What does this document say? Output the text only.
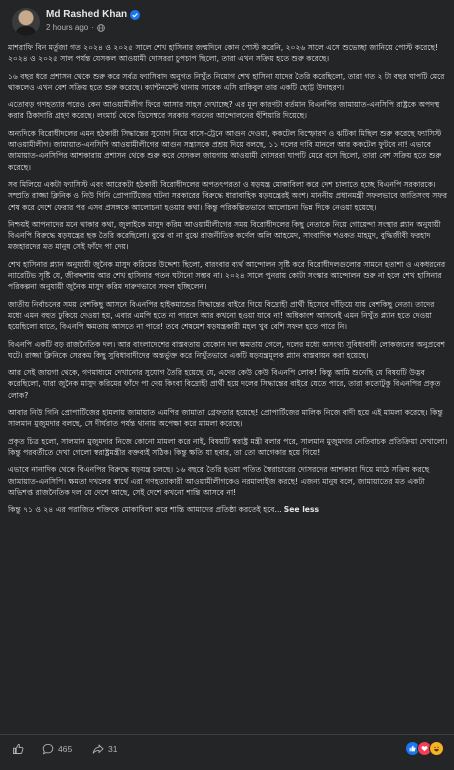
Md Rashed Khan
2 hours ago ·

মাশরাফি বিন মর্তুজা গত ২০২৪ ও ২০২৫ সালে শেখ হাসিনার জন্মদিনে কোন পোস্ট করেনি, ২০২৬ সালে এসে শুভেচ্ছা জানিয়ে পোস্ট করেছে! ২০২৪ ও ২০২৫ সাল পর্যন্ত যেসকল আওয়ামী দোসররা চুপচাপ ছিলো, তারা এখন সক্রিয় হতে শুরু করেছে।

১৬ বছর ধরে প্রশাসন থেকে শুরু করে সর্বত্র ফ্যাসিবাদ অনুগত নিখুঁত নিয়োগ শেখ হাসিনা যাদের তৈরি করেছিলো, তারা গত ২ টা বছর ঘাপটি মেরে থাকলেও এখন বেশ সক্রিয় হতে শুরু করেছে। ক্যান্টনমেন্ট থানায় সাবেক এসি রাকিবুল তার একটি ছোট্ট উদাহরণ।

এতোবড় গণহত্যার পরেও কেন আওয়ামীলীগ ফিরে আসার সাহস দেখাচ্ছে? এর মূল কারণটা বর্তমান বিএনপির জামায়াত-এনসিপি রাষ্ট্রকে অপদস্থ করার ঠিকাদারি গ্রহণ করেছে। লংমার্চ থেকে ডিসেম্বরে সরকার পতনের আন্দোলনের হুঁশিয়ারি দিয়েছে।

অন্যদিকে বিরোধীদলের এমন হঠকারী সিদ্ধান্তের সুযোগ নিয়ে বাসে-ট্রেনে আগুন দেওয়া, ককটেল বিস্ফোরণ ও ঝটিকা মিছিল শুরু করেছে ফ্যাসিস্ট আওয়ামীলীগ। জামায়াত-এনসিপি আওয়ামীলীগের আগুন সন্ত্রাসকে প্রশ্রয় দিয়ে বলছে, ১১ দলের দাবি মানলে আর ককটেল ফুটবে না! এভাবে জামায়াত-এনসিপির আশকারায় প্রশাসন থেকে শুরু করে যেসকল জায়গায় আওয়ামী দোসররা ঘাপটি মেরে বসে ছিলো, তারা বেশ সক্রিয় হতে শুরু করেছে।

সব মিলিয়ে একটা ফ্যাসিস্ট এবং আরেকটা হঠকারী বিরোধীদলের অপতৎপরতা ও ষড়যন্ত্র মোকাবিলা করে দেশ চালাতে হচ্ছে বিএনপি সরকারকে। সম্প্রতি রাজ্জা ক্লিনিক ও নিউ গিনি প্রোপার্টিজের ঘটনা সরকারের বিরুদ্ধে ধারাবাহিক ষড়যন্ত্রেরই অংশ। মাননীয় প্রধানমন্ত্রী সফলভাবে জাতিসংঘ সফর শেষ করে দেশে ফেরার পর এসব প্রসঙ্গকে আলোচনা হওয়ার কথা। কিন্তু পরিকল্পিতভাবে আলোচনা ভিন্ন দিকে নেওয়া হয়েছে।

নিশ্চয়ই আপনাদের মনে থাকার কথা, জুলাইকে মাসুদ করিম আওয়ামীলীগের সময় বিরোধীদলের কিছু নেতাকে নিয়ে গোয়েন্দা সংস্থার প্ল্যান অনুযায়ী বিএনপি বিরুদ্ধে ষড়যন্ত্রের ছক তৈরি করেছিলো। বুঝে বা না বুঝে রাজনীতিক কর্ণেল অলি আহমেদ, সাংবাদিক শওকত মাহমুদ, বুদ্ধিজীবী ফরহাদ মজহারদের মত মানুষ সেই ফাঁদে পা দেয়।

শেখ হাসিনার প্ল্যান অনুযায়ী জুনৈক মাসুদ করিমের উদ্দেশ্য ছিলো, বারংবার ব্যর্থ আন্দোলন সৃষ্টি করে বিরোধীদলগুলোর সামনে হতাশা ও একধরনের ন্যারেটিভ সৃষ্টি যে, জীবদ্দশায় আর শেখ হাসিনার পতন ঘটানো সম্ভব না। ২০২৪ সালে পুনরায় কোটা সংস্কার আন্দোলন শুরু না হলে শেখ হাসিনার পরিকল্পনা অনুযায়ী জুনৈক মাসুদ করিম দারুণভাবে সফল হচ্ছিলেন।

জাতীয় নির্বাচনের সময় বেশকিছু আসনে বিএনপির হাইকমান্ডের সিদ্ধান্তের বাইরে গিয়ে বিদ্রোহী প্রার্থী হিসেবে দাঁড়িয়ে যায় বেশকিছু নেতা। তাদের মধ্যে এমন বহুত ঢুকিয়ে দেওয়া হয়, এবার এমপি হতে না পারলে আর কখনো হওয়া যাবে না! অধিকাংশ আসনেই এমন নিখুঁত প্ল্যান হতে দেওয়া হয়েছিলো যাতে, বিএনপি ক্ষমতায় আসতে না পারে! তবে শেষমেশ ষড়যন্ত্রকারী মহল খুব বেশি সফল হতে পারে নি।

বিএনপি একটি বড় রাজনৈতিক দল। আর বাংলাদেশের বাস্তবতায় যেকোন দল ক্ষমতায় গেলে, দলের মধ্যে অসংখ্য সুবিধাবাদী লোকজনের অনুপ্রবেশ ঘটে। রাজ্জা ক্লিনিকে সেরকম কিছু সুবিধাবাদীদের অন্তর্ভুক্ত করে নিখুঁতভাবে একটি ষড়যন্ত্রমূলক প্ল্যান বাস্তবায়ন করা হয়েছে।

আর সেই জায়গা থেকে, গণমাধ্যমে দেখানোর সুযোগ তৈরি হয়েছে যে, এদের কেউ কেউ বিএনপি লোক! কিন্তু আমি শুনেছি যে বিষয়টি উদ্ভব করেছিলো, যারা জুনৈক মাসুদ করিমের ফাঁদে পা দেয় কিংবা বিদ্রোহী প্রার্থী হয়ে দলের সিদ্ধান্তের বাইরে যেতে পারে, তারা কতোটুকু বিএনপির প্রকৃত লোক?

আবার নিউ গিনি প্রোপার্টিজের হামলায় জামায়াত এমপির জামাতা গ্রেফতার হয়েছে! প্রোপার্টিজের মালিক নিজে বাদী হয়ে এই মামলা করেছে। কিন্তু সালমান মুজুমদার বলছে, সে দীর্ঘরাত পর্যন্ত থানায় অপেক্ষা করে মামলা করেছে।

প্রকৃত চিত্র হলো, সালমান মুজুমদার নিজে কোনো মামলা করে নাই, বিষয়টি স্বরাষ্ট্র মন্ত্রী বলার পরে, সালমান মুজুমদার নেতিবাচক প্রতিক্রিয়া দেখালো। কিন্তু পরবর্তীতে দেখা গেলো স্বরাষ্ট্রমন্ত্রীর বক্তব্যই সঠিক। কিন্তু ক্ষতি যা হবার, তা তো আগেকার হয়ে গিয়ে!

এভাবে নানাদিক থেকে বিএনপির বিরুদ্ধে ষড়যন্ত্র চলছে। ১৬ বছরে তৈরি হওয়া পতিত স্বৈরাচারের দোসরদের আশকারা দিয়ে মাঠে সক্রিয় করছে জামায়াত-এনসিপি। ক্ষমতা দখলের স্বার্থে এরা গণহত্যাকারী আওয়ামীলীগকেও নরমালাইজ করছে! এজন্য মানুষ বলে, জামায়াতের মত একটা অভিশপ্ত রাজনৈতিক দল যে দেশে আছে, সেই দেশে কখনো শান্তি আসবে না!

কিন্তু ৭১ ও ২৪ এর পরাজিত শক্তিকে মোকাবিলা করে শান্তি আমাদের প্রতিষ্ঠা করতেই হবে... See less

465	31
